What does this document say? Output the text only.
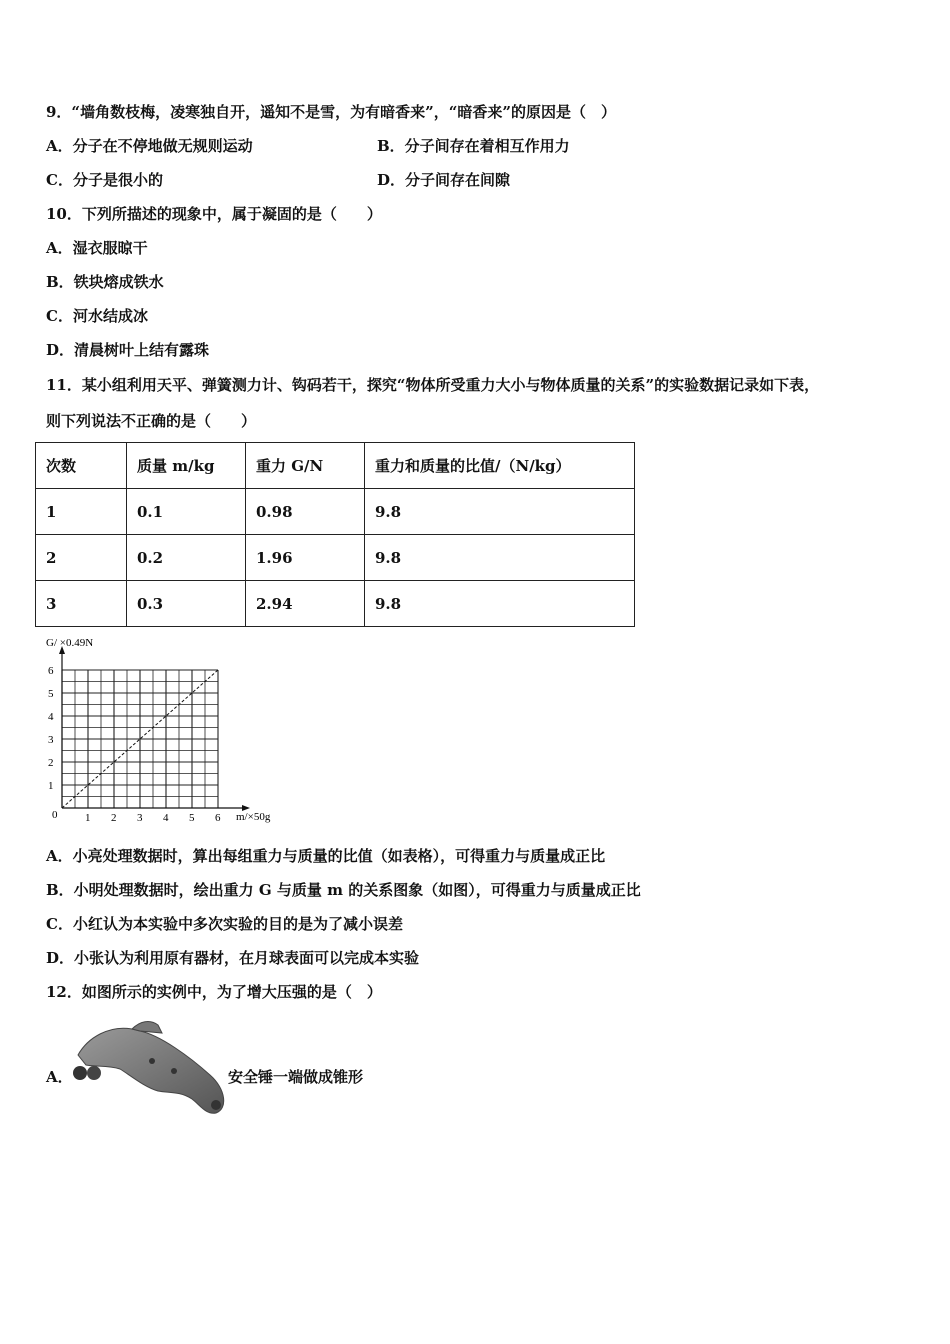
9．“墙角数枝梅，凌寒独自开，遥知不是雪，为有暗香来”，“暗香来”的原因是（　）
A．分子在不停地做无规则运动	B．分子间存在着相互作用力
C．分子是很小的	D．分子间存在间隙
10．下列所描述的现象中，属于凝固的是（　　）
A．湿衣服晾干
B．铁块熔成铁水
C．河水结成冰
D．清晨树叶上结有露珠
11．某小组利用天平、弹簧测力计、钩码若干，探究“物体所受重力大小与物体质量的关系”的实验数据记录如下表，
则下列说法不正确的是（　　）
次数	质量 m/kg	重力 G/N	重力和质量的比值/（N/kg）
1	0.1	0.98	9.8
2	0.2	1.96	9.8
3	0.3	2.94	9.8
G/ ×0.49N
m/×50g
0	1 2 3 4 5 6
1
2
3
4
5
6
A．小亮处理数据时，算出每组重力与质量的比值（如表格），可得重力与质量成正比
B．小明处理数据时，绘出重力 G 与质量 m 的关系图象（如图），可得重力与质量成正比
C．小红认为本实验中多次实验的目的是为了减小误差
D．小张认为利用原有器材，在月球表面可以完成本实验
12．如图所示的实例中，为了增大压强的是（　）
A．	安全锤一端做成锥形
